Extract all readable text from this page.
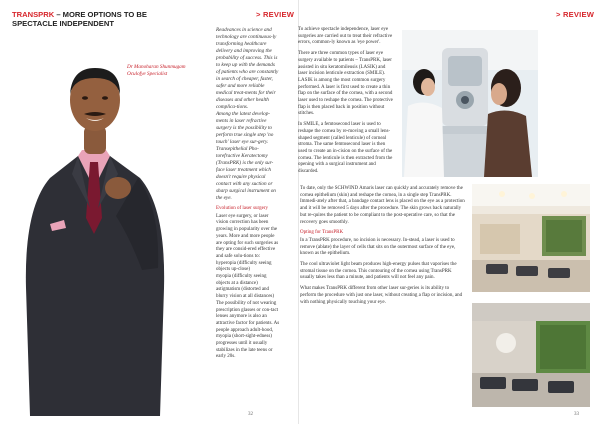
TRANSPRK – MORE OPTIONS TO BE SPECTACLE INDEPENDENT
> REVIEW
Dr Manoharan Shunmugam
Oculofye Specialist

Readvances in science and technology are continuous-ly transforming healthcare delivery and improving the probability of success. This is to keep up with the demands of patients who are constantly in search of cheaper, faster, safer and more reliable medical treat-ments for their diseases and other health complica-tions.

Among the latest develop-ments in laser refractive surgery is the possibility to perform true single step 'no touch' laser eye sur-gery. Transepithelial Pho-torefractive Keratectomy (TransPRK) is the only sur-face laser treatment which doesn't require physical contact with any suction or sharp surgical instrument on the eye.

Evolution of laser surgery

Laser eye surgery, or laser vision correction has been growing in popularity over the years. More and more people are opting for such surgeries as they are consid-ered effective and safe solu-tions to:

hyperopia (difficulty seeing objects up-close)

myopia (difficulty seeing objects at a distance)

astigmatism (distorted and blurry vision at all distances)

The possibility of not wearing prescription glasses or con-tact lenses anymore is also an attractive factor for patients. As people approach adult-hood, myopia (short-sight-edness) progresses until it usually stabilizes in the late teens or early 20s.

32
> REVIEW
33

To achieve spectacle independence, laser eye surgeries are carried out to treat their refractive errors, common-ly known as 'eye power'.

There are three common types of laser eye surgery available to patients – TransPRK, laser assisted in situ keratomileusis (LASIK) and laser incision lenticule extraction (SMILE). LASIK is among the most common surgery performed. A laser is first used to create a thin flap on the surface of the cornea, with a second laser used to reshape the cornea. The protective flap is then placed back in position without stitches.

In SMILE, a femtosecond laser is used to reshape the cornea by re-moving a small lens-shaped segment (called lenticule) of corneal stroma. The same femtosecond laser is then used to create an in-cision on the surface of the cornea. The lenticule is then extracted from the opening with a surgical instrument and discarded.

To date, only the SCHWIND Amaris laser can quickly and accurately remove the cornea epithelium (skin) and reshape the cornea, in a single step TransPRK. Immedi-ately after that, a bandage contact lens is placed on the eye as a protection and it will be removed 5 days after the procedure. The skin grows back naturally but re-quires the patient to be compliant to the post-operative care, so that the recovery goes smoothly.

Opting for TransPRK

In a TransPRK procedure, no incision is necessary. In-stead, a laser is used to remove (ablate) the layer of cells that sits on the outermost surface of the eye, known as the epithelium.

The cool ultraviolet light beam produces high-energy pulses that vaporises the stromal tissue on the cornea. This contouring of the cornea using TransPRK usually takes less than a minute, and patients will not feel any pain.

What makes TransPRK different from other laser sur-geries is its ability to perform the procedure with just one laser, without creating a flap or incision, and with nothing physically touching your eye.
